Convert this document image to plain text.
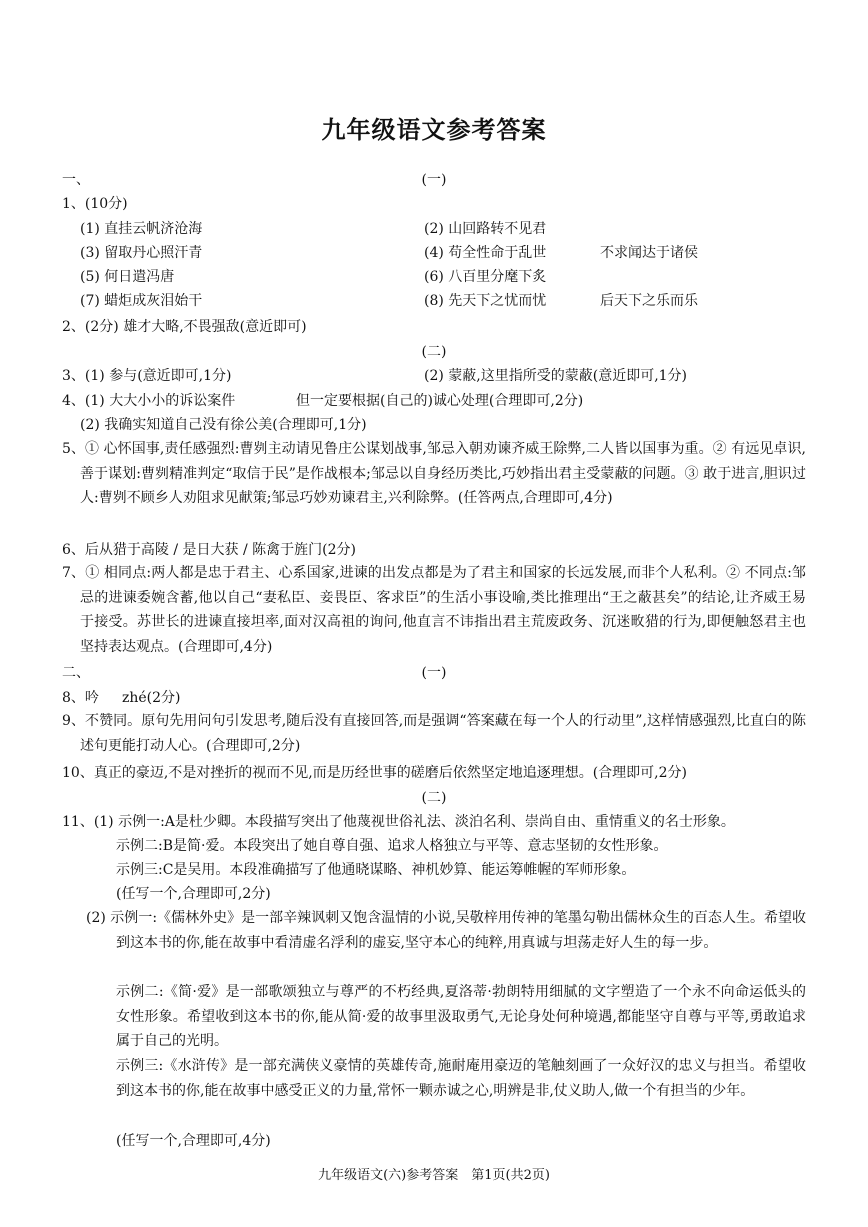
九年级语文参考答案
一、	(一)
1、(10分)
(1) 直挂云帆济沧海	(2) 山回路转不见君
(3) 留取丹心照汗青	(4) 苟全性命于乱世	不求闻达于诸侯
(5) 何日遣冯唐	(6) 八百里分麾下炙
(7) 蜡炬成灰泪始干	(8) 先天下之忧而忧	后天下之乐而乐
2、(2分) 雄才大略,不畏强敌(意近即可)
(二)
3、(1) 参与(意近即可,1分)	(2) 蒙蔽,这里指所受的蒙蔽(意近即可,1分)
4、(1) 大大小小的诉讼案件	但一定要根据(自己的)诚心处理(合理即可,2分)
(2) 我确实知道自己没有徐公美(合理即可,1分)
5、① 心怀国事,责任感强烈:曹刿主动请见鲁庄公谋划战事,邹忌入朝劝谏齐威王除弊,二人皆以国事为重。② 有远见卓识,善于谋划:曹刿精准判定“取信于民”是作战根本;邹忌以自身经历类比,巧妙指出君主受蒙蔽的问题。③ 敢于进言,胆识过人:曹刿不顾乡人劝阻求见献策;邹忌巧妙劝谏君主,兴利除弊。(任答两点,合理即可,4分)
6、后从猎于高陵 / 是日大获 / 陈禽于旌门(2分)
7、① 相同点:两人都是忠于君主、心系国家,进谏的出发点都是为了君主和国家的长远发展,而非个人私利。② 不同点:邹忌的进谏委婉含蓄,他以自己“妻私臣、妾畏臣、客求臣”的生活小事设喻,类比推理出“王之蔽甚矣”的结论,让齐威王易于接受。苏世长的进谏直接坦率,面对汉高祖的询问,他直言不讳指出君主荒废政务、沉迷畋猎的行为,即便触怒君主也坚持表达观点。(合理即可,4分)
二、	(一)
8、吟 zhé(2分)
9、不赞同。原句先用问句引发思考,随后没有直接回答,而是强调“答案藏在每一个人的行动里”,这样情感强烈,比直白的陈述句更能打动人心。(合理即可,2分)
10、真正的豪迈,不是对挫折的视而不见,而是历经世事的磋磨后依然坚定地追逐理想。(合理即可,2分)
(二)
11、(1) 示例一:A是杜少卿。本段描写突出了他蔑视世俗礼法、淡泊名利、崇尚自由、重情重义的名士形象。
示例二:B是简·爱。本段突出了她自尊自强、追求人格独立与平等、意志坚韧的女性形象。
示例三:C是吴用。本段准确描写了他通晓谋略、神机妙算、能运筹帷幄的军师形象。
(任写一个,合理即可,2分)
(2) 示例一:《儒林外史》是一部辛辣讽刺又饱含温情的小说,吴敬梓用传神的笔墨勾勒出儒林众生的百态人生。希望收到这本书的你,能在故事中看清虚名浮利的虚妄,坚守本心的纯粹,用真诚与坦荡走好人生的每一步。
示例二:《简·爱》是一部歌颂独立与尊严的不朽经典,夏洛蒂·勃朗特用细腻的文字塑造了一个永不向命运低头的女性形象。希望收到这本书的你,能从简·爱的故事里汲取勇气,无论身处何种境遇,都能坚守自尊与平等,勇敢追求属于自己的光明。
示例三:《水浒传》是一部充满侠义豪情的英雄传奇,施耐庵用豪迈的笔触刻画了一众好汉的忠义与担当。希望收到这本书的你,能在故事中感受正义的力量,常怀一颗赤诚之心,明辨是非,仗义助人,做一个有担当的少年。
(任写一个,合理即可,4分)
九年级语文(六)参考答案　第1页(共2页)
